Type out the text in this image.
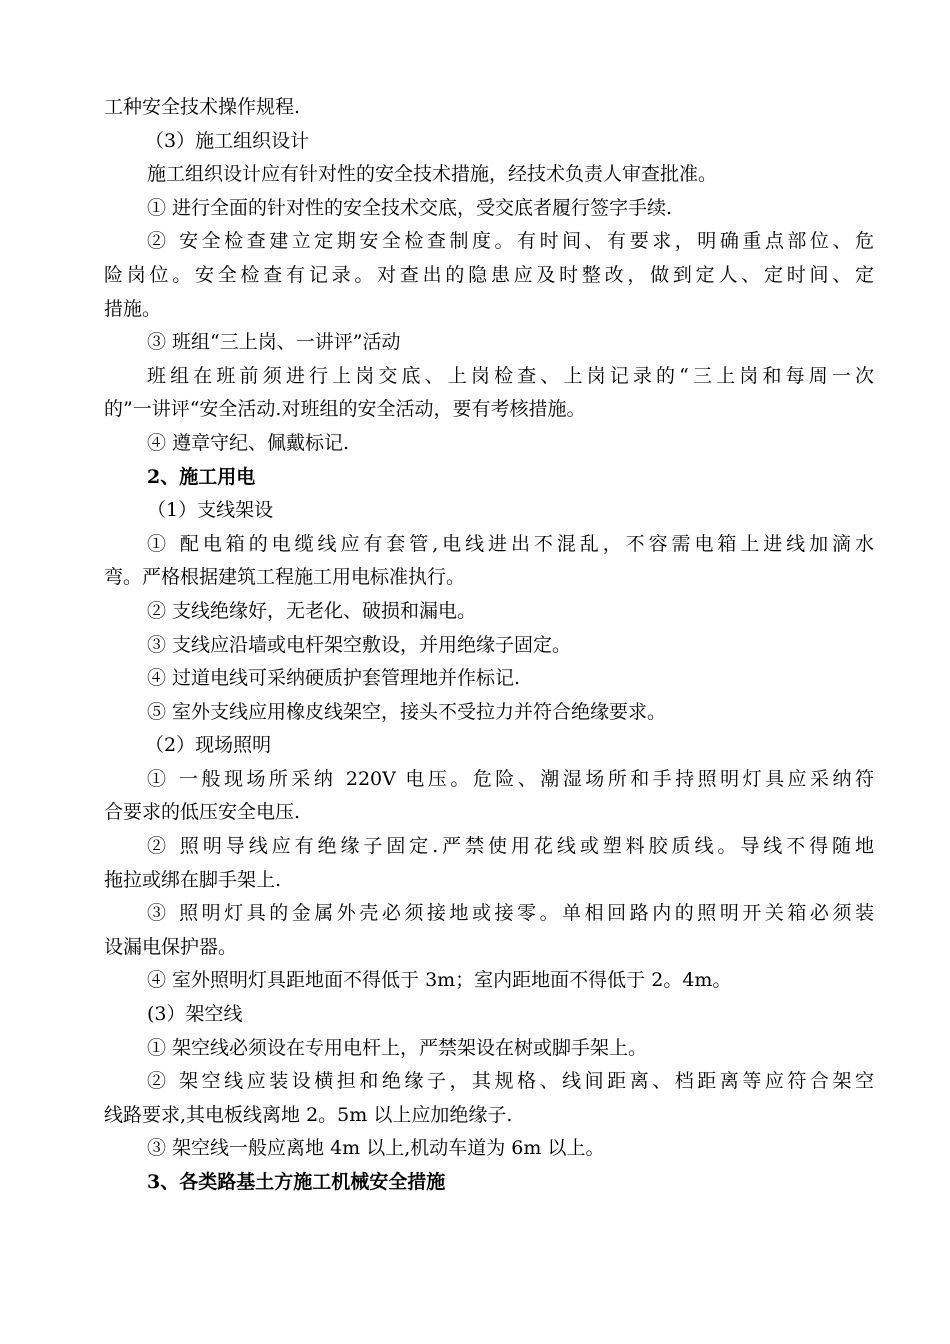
工种安全技术操作规程.
（3）施工组织设计
施工组织设计应有针对性的安全技术措施，经技术负责人审查批准。
① 进行全面的针对性的安全技术交底，受交底者履行签字手续.
② 安全检查建立定期安全检查制度。有时间、有要求，明确重点部位、危
险岗位。安全检查有记录。对查出的隐患应及时整改，做到定人、定时间、定
措施。
③ 班组“三上岗、一讲评”活动
班组在班前须进行上岗交底、上岗检查、上岗记录的“三上岗和每周一次
的”一讲评“安全活动.对班组的安全活动，要有考核措施。
④ 遵章守纪、佩戴标记.
2、施工用电
（1）支线架设
① 配电箱的电缆线应有套管,电线进出不混乱，不容需电箱上进线加滴水
弯。严格根据建筑工程施工用电标准执行。
② 支线绝缘好，无老化、破损和漏电。
③ 支线应沿墙或电杆架空敷设，并用绝缘子固定。
④ 过道电线可采纳硬质护套管理地并作标记.
⑤ 室外支线应用橡皮线架空，接头不受拉力并符合绝缘要求。
（2）现场照明
① 一般现场所采纳 220V 电压。危险、潮湿场所和手持照明灯具应采纳符
合要求的低压安全电压.
② 照明导线应有绝缘子固定.严禁使用花线或塑料胶质线。导线不得随地
拖拉或绑在脚手架上.
③ 照明灯具的金属外壳必须接地或接零。单相回路内的照明开关箱必须装
设漏电保护器。
④ 室外照明灯具距地面不得低于 3m；室内距地面不得低于 2。4m。
(3）架空线
① 架空线必须设在专用电杆上，严禁架设在树或脚手架上。
② 架空线应装设横担和绝缘子，其规格、线间距离、档距离等应符合架空
线路要求,其电板线离地 2。5m 以上应加绝缘子.
③ 架空线一般应离地 4m 以上,机动车道为 6m 以上。
3、各类路基土方施工机械安全措施
